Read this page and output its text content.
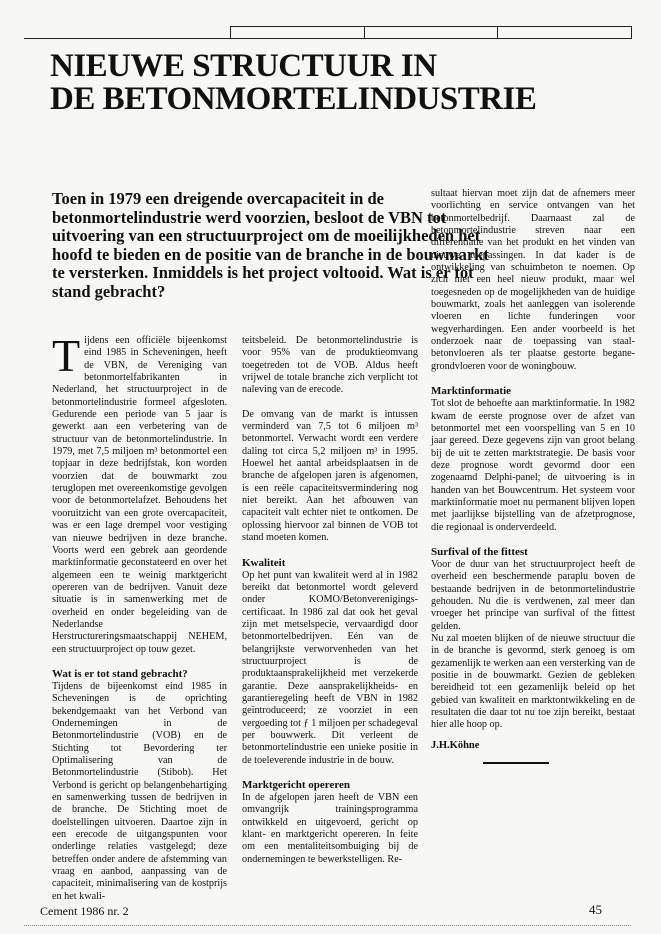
NIEUWE STRUCTUUR IN
DE BETONMORTELINDUSTRIE

Toen in 1979 een dreigende overcapaciteit in de betonmortelindustrie werd voorzien, besloot de VBN tot uitvoering van een structuurproject om de moeilijkheden het hoofd te bieden en de positie van de branche in de bouwmarkt te versterken. Inmiddels is het project voltooid. Wat is er tot stand gebracht?

Tijdens een officiële bijeenkomst eind 1985 in Scheveningen, heeft de VBN, de Vereniging van betonmortelfabrikanten in Nederland, het structuurproject in de betonmortelindustrie formeel afgesloten. Gedurende een periode van 5 jaar is gewerkt aan een verbetering van de structuur van de betonmortelindustrie. In 1979, met 7,5 miljoen m³ betonmortel een topjaar in deze bedrijfstak, kon worden voorzien dat de bouwmarkt zou teruglopen met overeenkomstige gevolgen voor de betonmortelafzet. Behoudens het vooruitzicht van een grote overcapaciteit, was er een lage drempel voor vestiging van nieuwe bedrijven in deze branche. Voorts werd een gebrek aan geordende marktinformatie geconstateerd en over het algemeen een te weinig marktgericht opereren van de bedrijven. Vanuit deze situatie is in samenwerking met de overheid en onder begeleiding van de Nederlandse Herstructureringsmaatschappij NEHEM, een structuurproject op touw gezet.

Wat is er tot stand gebracht?

Tijdens de bijeenkomst eind 1985 in Scheveningen is de oprichting bekendgemaakt van het Verbond van Ondernemingen in de Betonmortelindustrie (VOB) en de Stichting tot Bevordering ter Optimalisering van de Betonmortelindustrie (Stibob). Het Verbond is gericht op belangenbehartiging en samenwerking tussen de bedrijven in de branche. De Stichting moet de doelstellingen uitvoeren. Daartoe zijn in een erecode de uitgangspunten voor onderlinge relaties vastgelegd; deze betreffen onder andere de afstemming van vraag en aanbod, aanpassing van de capaciteit, minimalisering van de kostprijs en het kwali-

teitsbeleid. De betonmortelindustrie is voor 95% van de produktieomvang toegetreden tot de VOB. Aldus heeft vrijwel de totale branche zich verplicht tot naleving van de erecode.

De omvang van de markt is intussen verminderd van 7,5 tot 6 miljoen m³ betonmortel. Verwacht wordt een verdere daling tot circa 5,2 miljoen m³ in 1995. Hoewel het aantal arbeidsplaatsen in de branche de afgelopen jaren is afgenomen, is een reële capaciteitsvermindering nog niet bereikt. Aan het afbouwen van capaciteit valt echter niet te ontkomen. De oplossing hiervoor zal binnen de VOB tot stand moeten komen.

Kwaliteit

Op het punt van kwaliteit werd al in 1982 bereikt dat betonmortel wordt geleverd onder KOMO/Betonverenigings-certificaat. In 1986 zal dat ook het geval zijn met metselspecie, vervaardigd door betonmortelbedrijven. Eén van de belangrijkste verworvenheden van het structuurproject is de produktaansprakelijkheid met verzekerde garantie. Deze aansprakelijkheids- en garantieregeling heeft de VBN in 1982 geïntroduceerd; ze voorziet in een vergoeding tot ƒ 1 miljoen per schadegeval per bouwwerk. Dit verleent de betonmortelindustrie een unieke positie in de toeleverende industrie in de bouw.

Marktgericht opereren

In de afgelopen jaren heeft de VBN een omvangrijk trainingsprogramma ontwikkeld en uitgevoerd, gericht op klant- en marktgericht opereren. In feite om een mentaliteitsombuiging bij de ondernemingen te bewerkstelligen. Re-

sultaat hiervan moet zijn dat de afnemers meer voorlichting en service ontvangen van het betonmortelbedrijf. Daarnaast zal de betonmortelindustrie streven naar een differentiatie van het produkt en het vinden van nieuwe toepassingen. In dat kader is de ontwikkeling van schuimbeton te noemen. Op zich niet een heel nieuw produkt, maar wel toegesneden op de mogelijkheden van de huidige bouwmarkt, zoals het aanleggen van isolerende vloeren en lichte funderingen voor wegverhardingen. Een ander voorbeeld is het onderzoek naar de toepassing van staal-betonvloeren als ter plaatse gestorte begane-grondvloeren voor de woningbouw.

Marktinformatie

Tot slot de behoefte aan marktinformatie. In 1982 kwam de eerste prognose over de afzet van betonmortel met een voorspelling van 5 en 10 jaar gereed. Deze gegevens zijn van groot belang bij de uit te zetten marktstrategie. De basis voor deze prognose wordt gevormd door een zogenaamd Delphi-panel; de uitvoering is in handen van het Bouwcentrum. Het systeem voor marktinformatie moet nu permanent blijven lopen met jaarlijkse bijstelling van de afzetprognose, die regionaal is onderverdeeld.

Surfival of the fittest

Voor de duur van het structuurproject heeft de overheid een beschermende paraplu boven de bestaande bedrijven in de betonmortelindustrie gehouden. Nu die is verdwenen, zal meer dan vroeger het principe van surfival of the fittest gelden.

Nu zal moeten blijken of de nieuwe structuur die in de branche is gevormd, sterk genoeg is om gezamenlijk te werken aan een versterking van de positie in de bouwmarkt. Gezien de gebleken bereidheid tot een gezamenlijk beleid op het gebied van kwaliteit en marktontwikkeling en de resultaten die daar tot nu toe zijn bereikt, bestaat hier alle hoop op.

J.H.Köhne
Cement 1986 nr. 2	45
